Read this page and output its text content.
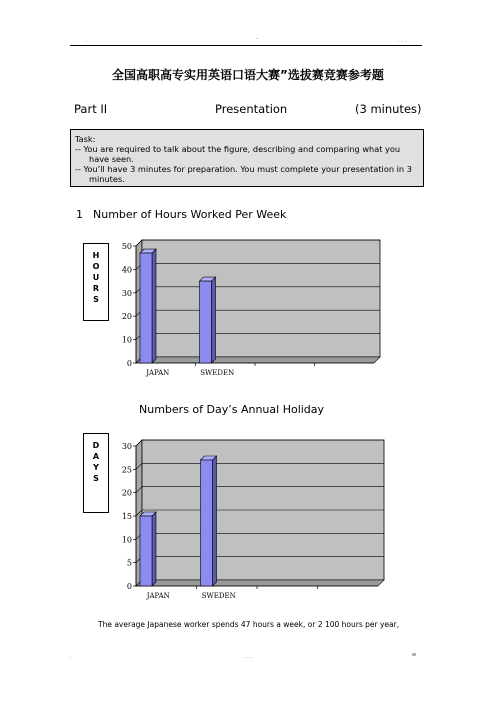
.	-	. . .
全国高职高专实用英语口语大赛”选拔赛竞赛参考题
Part II	Presentation	(3 minutes)
Task:
-- You are required to talk about the figure, describing and comparing what you have seen.
-- You’ll have 3 minutes for preparation. You must complete your presentation in 3 minutes.
1 Number of Hours Worked Per Week
H
O
U
R
S
0
10
20
30
40
50
JAPAN	SWEDEN
Numbers of Day’s Annual Holiday
D
A
Y
S
0
5
10
15
20
25
30
JAPAN	SWEDEN
The average Japanese worker spends 47 hours a week, or 2 100 hours per year,
.	. . .	w
